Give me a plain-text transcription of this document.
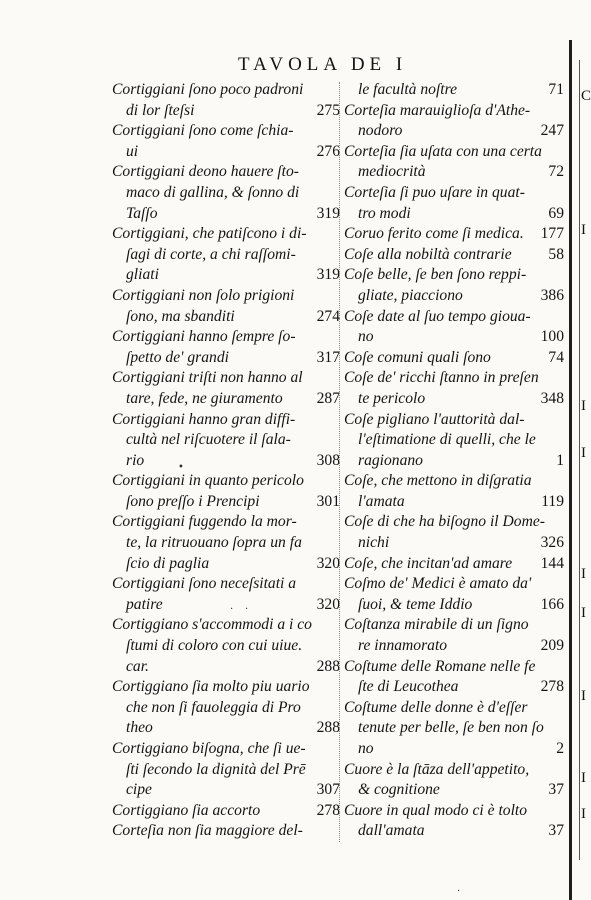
TAVOLA DE I
Cortiggiani ſono poco padroni
di lor ſteſsi	275
Cortiggiani ſono come ſchia-
ui	276
Cortiggiani deono hauere ſto-
maco di gallina, & ſonno di
Taſſo	319
Cortiggiani, che patiſcono i di-
ſagi di corte, a chi raſſomi-
gliati	319
Cortiggiani non ſolo prigioni
ſono, ma sbanditi	274
Cortiggiani hanno ſempre ſo-
ſpetto de' grandi	317
Cortiggiani triſti non hanno al
tare, fede, ne giuramento 287
Cortiggiani hanno gran diffi-
cultà nel riſcuotere il ſala-
rio	308
Cortiggiani in quanto pericolo
ſono preſſo i Prencipi	301
Cortiggiani fuggendo la mor-
te, la ritruouano ſopra un fa
ſcio di paglia	320
Cortiggiani ſono neceſsitati a
patire	320
Cortiggiano s'accommodi a i co
ſtumi di coloro con cui uiue.
car.	288
Cortiggiano ſia molto piu uario
che non ſi fauoleggia di Pro
theo	288
Cortiggiano biſogna, che ſi ue-
ſti ſecondo la dignità del Prē
cipe	307
Cortiggiano ſia accorto	278
Corteſia non ſia maggiore del-
le facultà noſtre	71
Corteſia marauiglioſa d'Athe-
nodoro	247
Corteſia ſia uſata con una certa
mediocrità	72
Corteſia ſi puo uſare in quat-
tro modi	69
Coruo ferito come ſi medica. 177
Coſe alla nobiltà contrarie 58
Coſe belle, ſe ben ſono reppi-
gliate, piacciono	386
Coſe date al ſuo tempo gioua-
no	100
Coſe comuni quali ſono	74
Coſe de' ricchi ſtanno in preſen
te pericolo	348
Coſe pigliano l'auttorità dal-
l'eſtimatione di quelli, che le
ragionano	1
Coſe, che mettono in diſgratia
l'amata	119
Coſe di che ha biſogno il Dome-
nichi	326
Coſe, che incitan'ad amare 144
Coſmo de' Medici è amato da'
ſuoi, & teme Iddio	166
Coſtanza mirabile di un ſigno
re innamorato	209
Coſtume delle Romane nelle fe
ſte di Leucothea	278
Coſtume delle donne è d'eſſer
tenute per belle, ſe ben non ſo
no	2
Cuore è la ſtāza dell'appetito,
& cognitione	37
Cuore in qual modo ci è tolto
dall'amata	37
C
I
I
I
I
I
I
I
I
•
· ·
·
